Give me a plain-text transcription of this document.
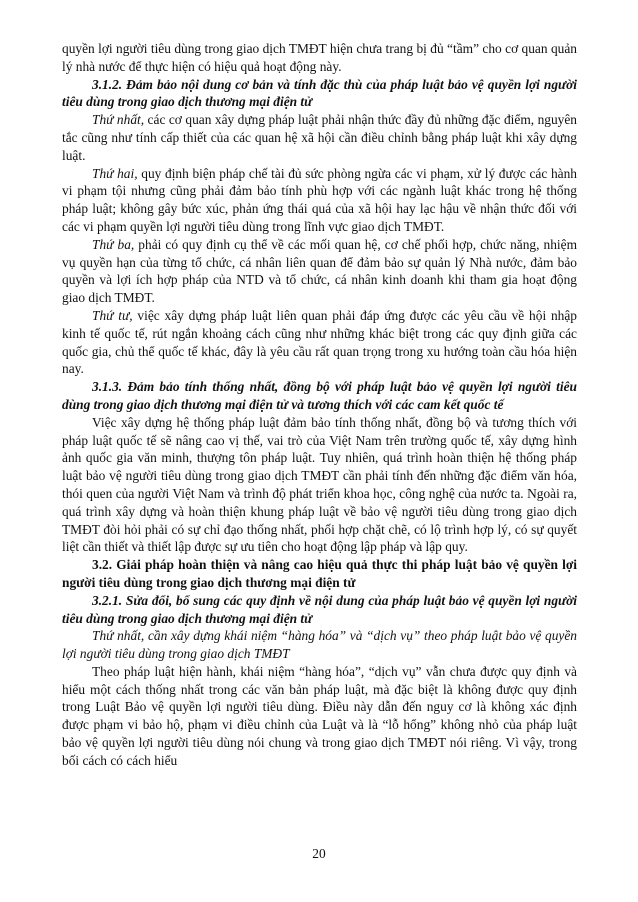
quyền lợi người tiêu dùng trong giao dịch TMĐT hiện chưa trang bị đủ “tầm” cho cơ quan quản lý nhà nước để thực hiện có hiệu quả hoạt động này.

3.1.2. Đảm bảo nội dung cơ bản và tính đặc thù của pháp luật bảo vệ quyền lợi người tiêu dùng trong giao dịch thương mại điện tử

Thứ nhất, các cơ quan xây dựng pháp luật phải nhận thức đầy đủ những đặc điểm, nguyên tắc cũng như tính cấp thiết của các quan hệ xã hội cần điều chỉnh bằng pháp luật khi xây dựng luật.

Thứ hai, quy định biện pháp chế tài đủ sức phòng ngừa các vi phạm, xử lý được các hành vi phạm tội nhưng cũng phải đảm bảo tính phù hợp với các ngành luật khác trong hệ thống pháp luật; không gây bức xúc, phản ứng thái quá của xã hội hay lạc hậu về nhận thức đối với các vi phạm quyền lợi người tiêu dùng trong lĩnh vực giao dịch TMĐT.

Thứ ba, phải có quy định cụ thể về các mối quan hệ, cơ chế phối hợp, chức năng, nhiệm vụ quyền hạn của từng tổ chức, cá nhân liên quan để đảm bảo sự quản lý Nhà nước, đảm bảo quyền và lợi ích hợp pháp của NTD và tổ chức, cá nhân kinh doanh khi tham gia hoạt động giao dịch TMĐT.

Thứ tư, việc xây dựng pháp luật liên quan phải đáp ứng được các yêu cầu về hội nhập kinh tế quốc tế, rút ngắn khoảng cách cũng như những khác biệt trong các quy định giữa các quốc gia, chủ thể quốc tế khác, đây là yêu cầu rất quan trọng trong xu hướng toàn cầu hóa hiện nay.

3.1.3. Đảm bảo tính thống nhất, đồng bộ với pháp luật bảo vệ quyền lợi người tiêu dùng trong giao dịch thương mại điện tử và tương thích với các cam kết quốc tế

Việc xây dựng hệ thống pháp luật đảm bảo tính thống nhất, đồng bộ và tương thích với pháp luật quốc tế sẽ nâng cao vị thế, vai trò của Việt Nam trên trường quốc tế, xây dựng hình ảnh quốc gia văn minh, thượng tôn pháp luật. Tuy nhiên, quá trình hoàn thiện hệ thống pháp luật bảo vệ người tiêu dùng trong giao dịch TMĐT cần phải tính đến những đặc điểm văn hóa, thói quen của người Việt Nam và trình độ phát triển khoa học, công nghệ của nước ta. Ngoài ra, quá trình xây dựng và hoàn thiện khung pháp luật về bảo vệ người tiêu dùng trong giao dịch TMĐT đòi hỏi phải có sự chỉ đạo thống nhất, phối hợp chặt chẽ, có lộ trình hợp lý, có sự quyết liệt cần thiết và thiết lập được sự ưu tiên cho hoạt động lập pháp và lập quy.

3.2. Giải pháp hoàn thiện và nâng cao hiệu quả thực thi pháp luật bảo vệ quyền lợi người tiêu dùng trong giao dịch thương mại điện tử

3.2.1. Sửa đổi, bổ sung các quy định về nội dung của pháp luật bảo vệ quyền lợi người tiêu dùng trong giao dịch thương mại điện tử

Thứ nhất, cần xây dựng khái niệm “hàng hóa” và “dịch vụ” theo pháp luật bảo vệ quyền lợi người tiêu dùng trong giao dịch TMĐT

Theo pháp luật hiện hành, khái niệm “hàng hóa”, “dịch vụ” vẫn chưa được quy định và hiểu một cách thống nhất trong các văn bản pháp luật, mà đặc biệt là không được quy định trong Luật Bảo vệ quyền lợi người tiêu dùng. Điều này dẫn đến nguy cơ là không xác định được phạm vi bảo hộ, phạm vi điều chỉnh của Luật và là “lỗ hổng” không nhỏ của pháp luật bảo vệ quyền lợi người tiêu dùng nói chung và trong giao dịch TMĐT nói riêng. Vì vậy, trong bối cách có cách hiểu

20
